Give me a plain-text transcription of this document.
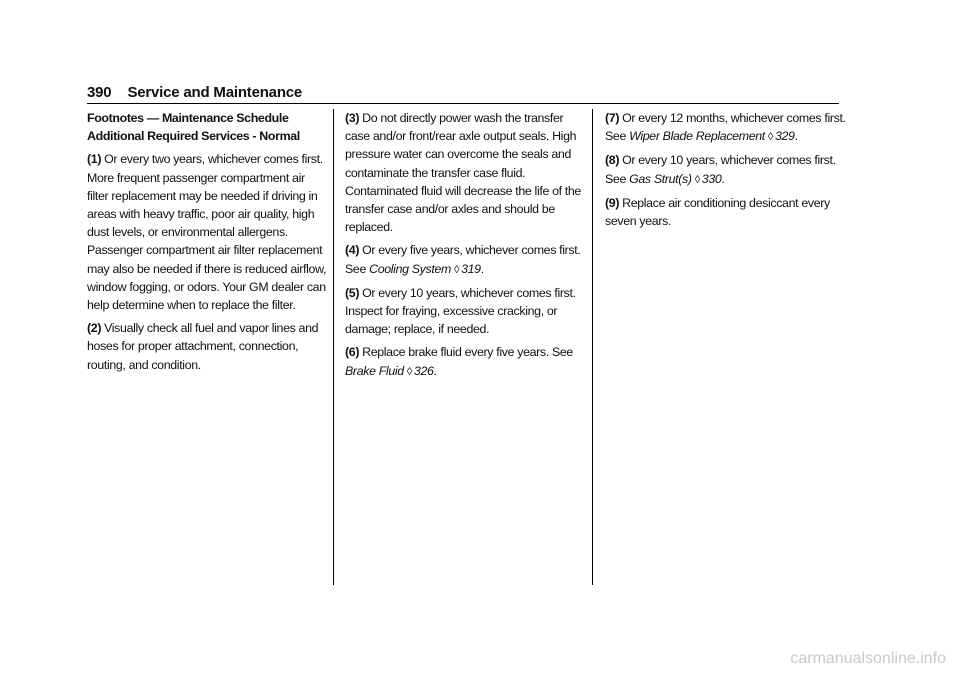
390 Service and Maintenance
Footnotes — Maintenance Schedule
Additional Required Services - Normal

(1) Or every two years, whichever comes first. More frequent passenger compartment air filter replacement may be needed if driving in areas with heavy traffic, poor air quality, high dust levels, or environmental allergens. Passenger compartment air filter replacement may also be needed if there is reduced airflow, window fogging, or odors. Your GM dealer can help determine when to replace the filter.

(2) Visually check all fuel and vapor lines and hoses for proper attachment, connection, routing, and condition.

(3) Do not directly power wash the transfer case and/or front/rear axle output seals. High pressure water can overcome the seals and contaminate the transfer case fluid. Contaminated fluid will decrease the life of the transfer case and/or axles and should be replaced.

(4) Or every five years, whichever comes first. See Cooling System ◊ 319.

(5) Or every 10 years, whichever comes first. Inspect for fraying, excessive cracking, or damage; replace, if needed.

(6) Replace brake fluid every five years. See Brake Fluid ◊ 326.

(7) Or every 12 months, whichever comes first. See Wiper Blade Replacement ◊ 329.

(8) Or every 10 years, whichever comes first. See Gas Strut(s) ◊ 330.

(9) Replace air conditioning desiccant every seven years.

carmanualsonline.info
